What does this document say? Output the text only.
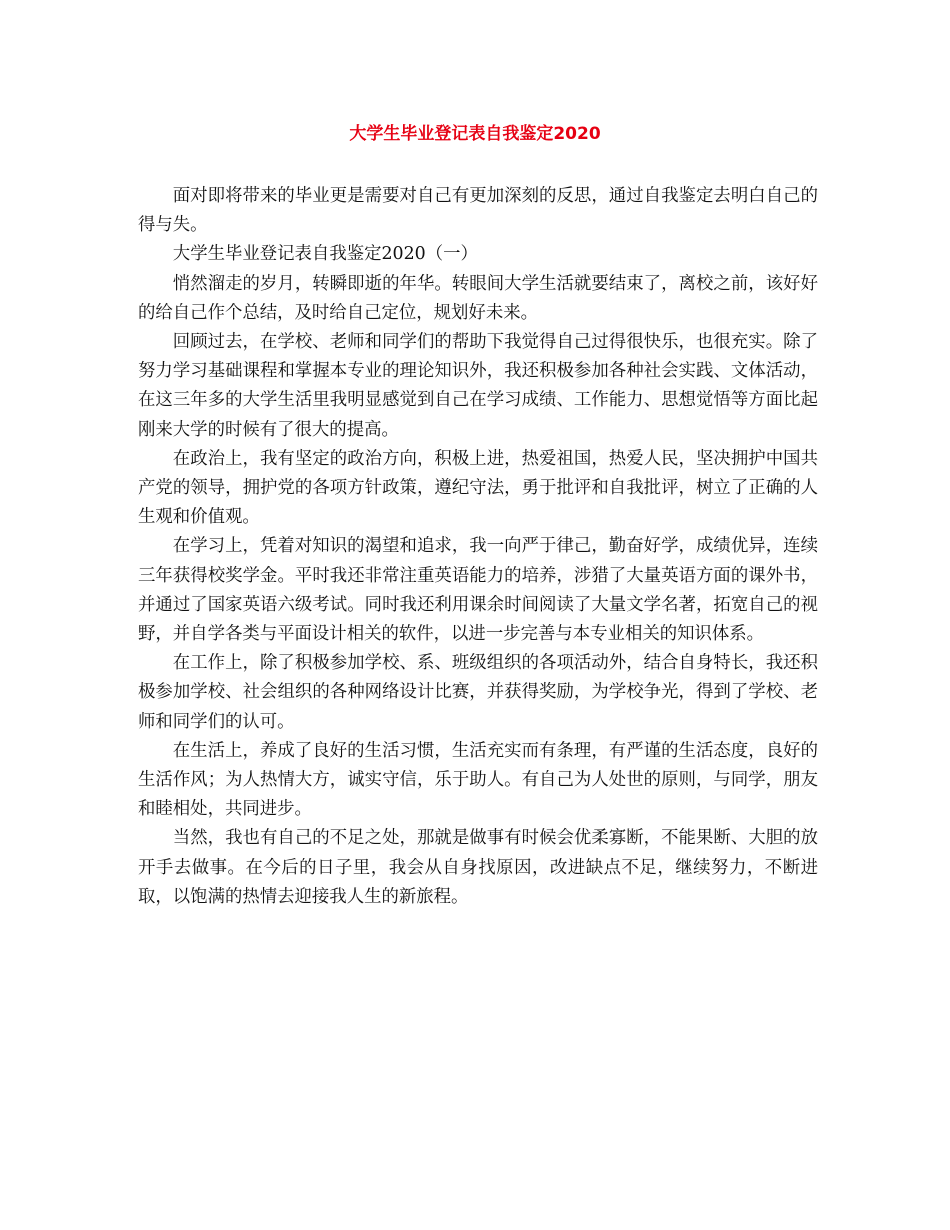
大学生毕业登记表自我鉴定2020

面对即将带来的毕业更是需要对自己有更加深刻的反思，通过自我鉴定去明白自己的得与失。

大学生毕业登记表自我鉴定2020（一）

悄然溜走的岁月，转瞬即逝的年华。转眼间大学生活就要结束了，离校之前，该好好的给自己作个总结，及时给自己定位，规划好未来。

回顾过去，在学校、老师和同学们的帮助下我觉得自己过得很快乐，也很充实。除了努力学习基础课程和掌握本专业的理论知识外，我还积极参加各种社会实践、文体活动，在这三年多的大学生活里我明显感觉到自己在学习成绩、工作能力、思想觉悟等方面比起刚来大学的时候有了很大的提高。

在政治上，我有坚定的政治方向，积极上进，热爱祖国，热爱人民，坚决拥护中国共产党的领导，拥护党的各项方针政策，遵纪守法，勇于批评和自我批评，树立了正确的人生观和价值观。

在学习上，凭着对知识的渴望和追求，我一向严于律己，勤奋好学，成绩优异，连续三年获得校奖学金。平时我还非常注重英语能力的培养，涉猎了大量英语方面的课外书，并通过了国家英语六级考试。同时我还利用课余时间阅读了大量文学名著，拓宽自己的视野，并自学各类与平面设计相关的软件，以进一步完善与本专业相关的知识体系。

在工作上，除了积极参加学校、系、班级组织的各项活动外，结合自身特长，我还积极参加学校、社会组织的各种网络设计比赛，并获得奖励，为学校争光，得到了学校、老师和同学们的认可。

在生活上，养成了良好的生活习惯，生活充实而有条理，有严谨的生活态度，良好的生活作风；为人热情大方，诚实守信，乐于助人。有自己为人处世的原则，与同学，朋友和睦相处，共同进步。

当然，我也有自己的不足之处，那就是做事有时候会优柔寡断，不能果断、大胆的放开手去做事。在今后的日子里，我会从自身找原因，改进缺点不足，继续努力，不断进取，以饱满的热情去迎接我人生的新旅程。
